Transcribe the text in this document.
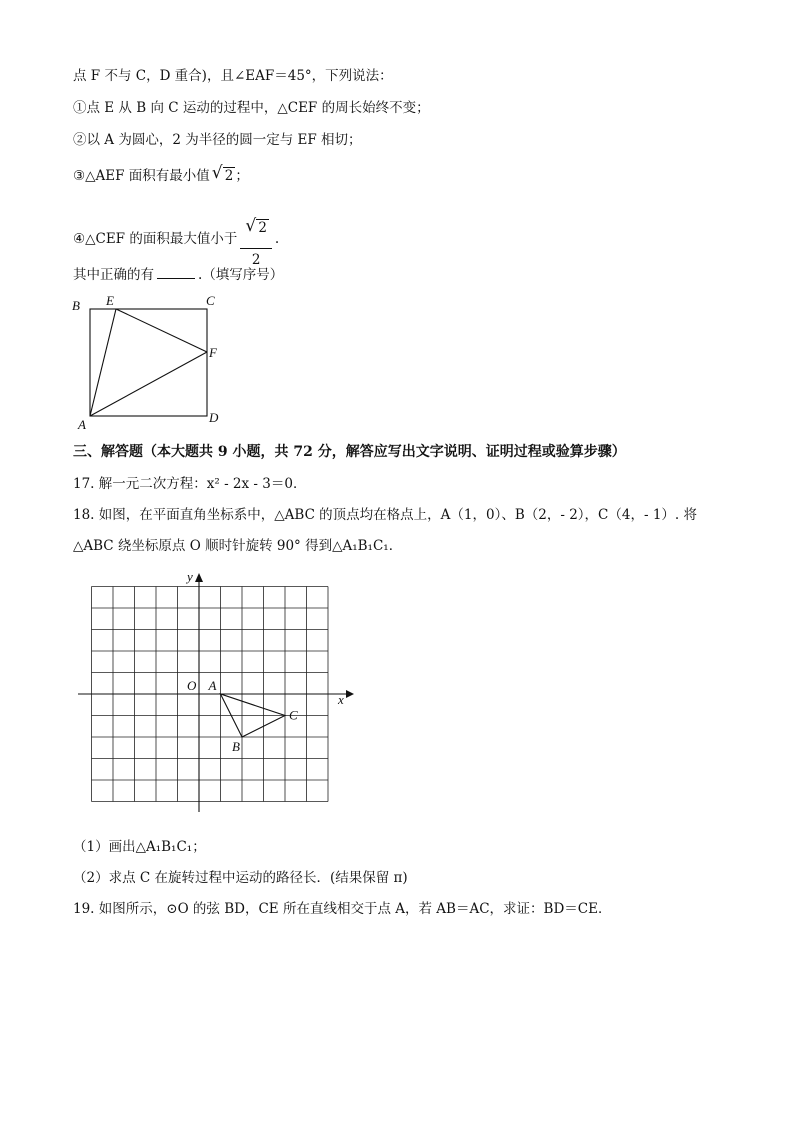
点 F 不与 C，D 重合)，且∠EAF＝45°，下列说法：
①点 E 从 B 向 C 运动的过程中，△CEF 的周长始终不变；
②以 A 为圆心，2 为半径的圆一定与 EF 相切；
③△AEF 面积有最小值 √ 2 ；
④△CEF 的面积最大值小于 $\frac{√ 2}{2}$ .
其中正确的有	.（填写序号）
B E	C
F
A	D
三、解答题（本大题共 9 小题，共 72 分，解答应写出文字说明、证明过程或验算步骤）
17. 解一元二次方程：x² - 2x - 3＝0．
18. 如图，在平面直角坐标系中，△ABC 的顶点均在格点上，A（1，0）、B（2，- 2），C（4，- 1）. 将
△ABC 绕坐标原点 O 顺时针旋转 90° 得到△A₁B₁C₁．
x
y
O A
B
C
（1）画出△A₁B₁C₁；
（2）求点 C 在旋转过程中运动的路径长．(结果保留 π)
19. 如图所示，⊙O 的弦 BD，CE 所在直线相交于点 A，若 AB＝AC，求证：BD＝CE．
